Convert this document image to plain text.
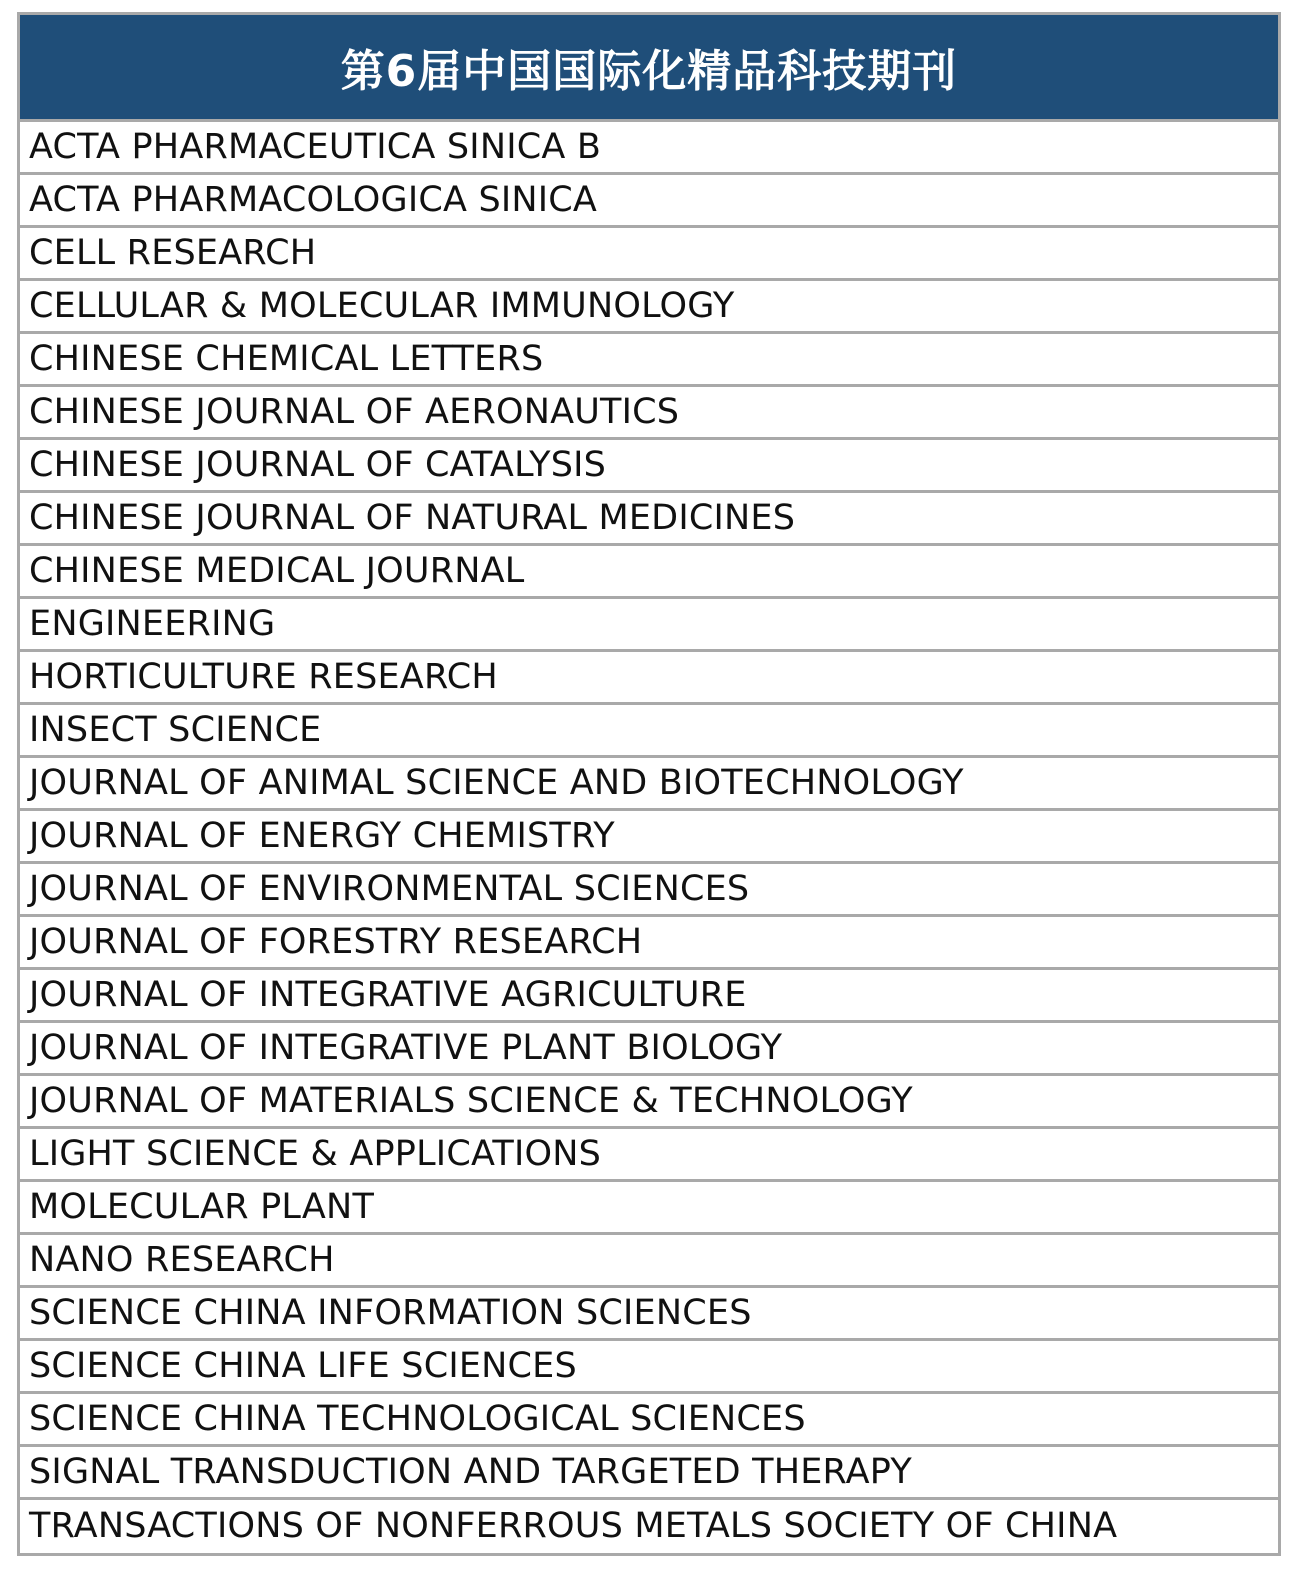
第6届中国国际化精品科技期刊
ACTA PHARMACEUTICA SINICA B
ACTA PHARMACOLOGICA SINICA
CELL RESEARCH
CELLULAR & MOLECULAR IMMUNOLOGY
CHINESE CHEMICAL LETTERS
CHINESE JOURNAL OF AERONAUTICS
CHINESE JOURNAL OF CATALYSIS
CHINESE JOURNAL OF NATURAL MEDICINES
CHINESE MEDICAL JOURNAL
ENGINEERING
HORTICULTURE RESEARCH
INSECT SCIENCE
JOURNAL OF ANIMAL SCIENCE AND BIOTECHNOLOGY
JOURNAL OF ENERGY CHEMISTRY
JOURNAL OF ENVIRONMENTAL SCIENCES
JOURNAL OF FORESTRY RESEARCH
JOURNAL OF INTEGRATIVE AGRICULTURE
JOURNAL OF INTEGRATIVE PLANT BIOLOGY
JOURNAL OF MATERIALS SCIENCE & TECHNOLOGY
LIGHT SCIENCE & APPLICATIONS
MOLECULAR PLANT
NANO RESEARCH
SCIENCE CHINA INFORMATION SCIENCES
SCIENCE CHINA LIFE SCIENCES
SCIENCE CHINA TECHNOLOGICAL SCIENCES
SIGNAL TRANSDUCTION AND TARGETED THERAPY
TRANSACTIONS OF NONFERROUS METALS SOCIETY OF CHINA
